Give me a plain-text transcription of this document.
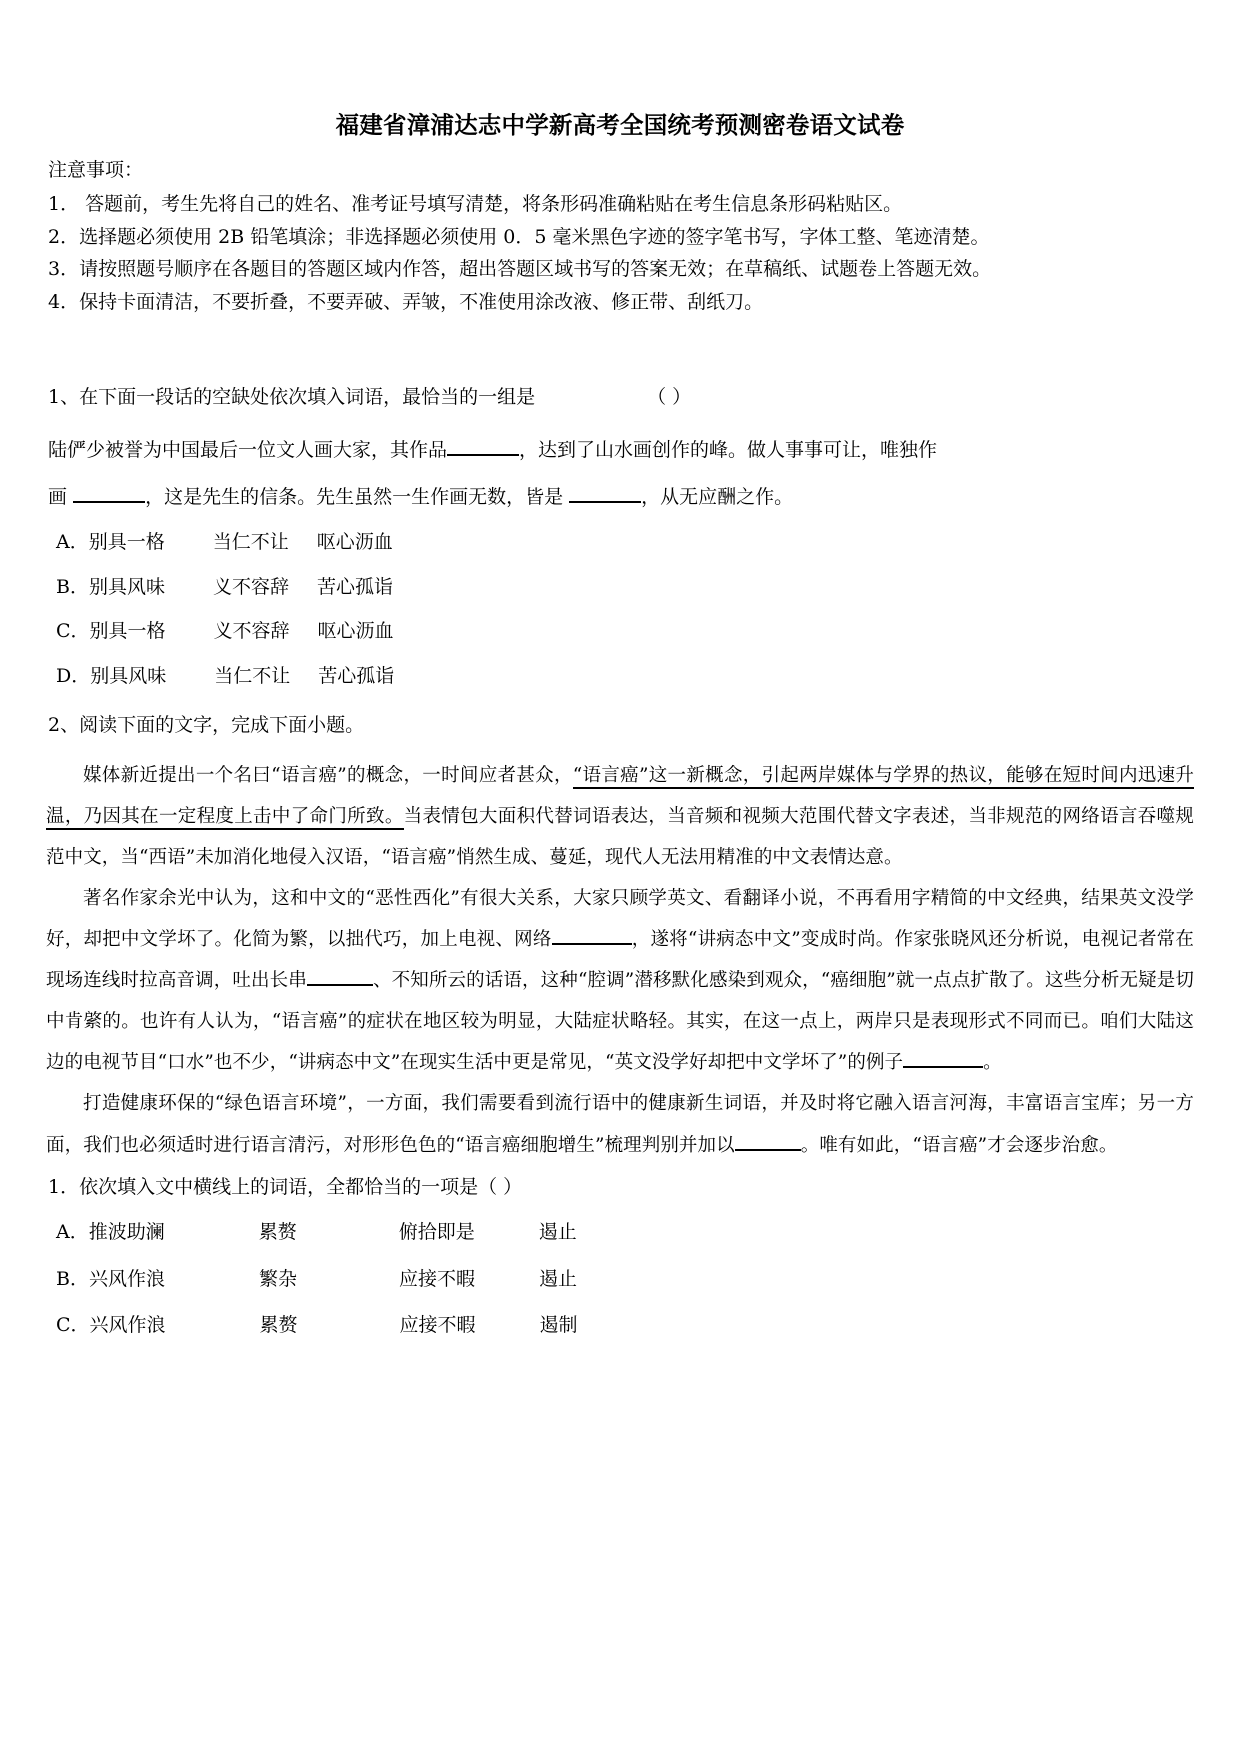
福建省漳浦达志中学新高考全国统考预测密卷语文试卷

注意事项：

1． 答题前，考生先将自己的姓名、准考证号填写清楚，将条形码准确粘贴在考生信息条形码粘贴区。

2．选择题必须使用 2B 铅笔填涂；非选择题必须使用 0．5 毫米黑色字迹的签字笔书写，字体工整、笔迹清楚。

3．请按照题号顺序在各题目的答题区域内作答，超出答题区域书写的答案无效；在草稿纸、试题卷上答题无效。

4．保持卡面清洁，不要折叠，不要弄破、弄皱，不准使用涂改液、修正带、刮纸刀。

1、在下面一段话的空缺处依次填入词语，最恰当的一组是	（ ）

陆俨少被誉为中国最后一位文人画大家，其作品	，达到了山水画创作的峰。做人事事可让，唯独作

画	，这是先生的信条。先生虽然一生作画无数，皆是	，从无应酬之作。

A．别具一格	当仁不让 呕心沥血

B．别具风味	义不容辞 苦心孤诣

C．别具一格	义不容辞 呕心沥血

D．别具风味	当仁不让 苦心孤诣

2、阅读下面的文字，完成下面小题。

媒体新近提出一个名曰“语言癌”的概念，一时间应者甚众，“语言癌”这一新概念，引起两岸媒体与学界的热议，能够在短时间内迅速升温，乃因其在一定程度上击中了命门所致。当表情包大面积代替词语表达，当音频和视频大范围代替文字表述，当非规范的网络语言吞噬规范中文，当“西语”未加消化地侵入汉语，“语言癌”悄然生成、蔓延，现代人无法用精准的中文表情达意。

著名作家余光中认为，这和中文的“恶性西化”有很大关系，大家只顾学英文、看翻译小说，不再看用字精简的中文经典，结果英文没学好，却把中文学坏了。化简为繁，以拙代巧，加上电视、网络	，遂将“讲病态中文”变成时尚。作家张晓风还分析说，电视记者常在现场连线时拉高音调，吐出长串	、不知所云的话语，这种“腔调”潜移默化感染到观众，“癌细胞”就一点点扩散了。这些分析无疑是切中肯綮的。也许有人认为，“语言癌”的症状在地区较为明显，大陆症状略轻。其实，在这一点上，两岸只是表现形式不同而已。咱们大陆这边的电视节目“口水”也不少，“讲病态中文”在现实生活中更是常见，“英文没学好却把中文学坏了”的例子	。

打造健康环保的“绿色语言环境”，一方面，我们需要看到流行语中的健康新生词语，并及时将它融入语言河海，丰富语言宝库；另一方面，我们也必须适时进行语言清污，对形形色色的“语言癌细胞增生”梳理判别并加以	。唯有如此，“语言癌”才会逐步治愈。

1．依次填入文中横线上的词语，全都恰当的一项是（ ）

A．推波助澜	累赘	俯拾即是	遏止

B．兴风作浪	繁杂	应接不暇	遏止

C．兴风作浪	累赘	应接不暇	遏制
